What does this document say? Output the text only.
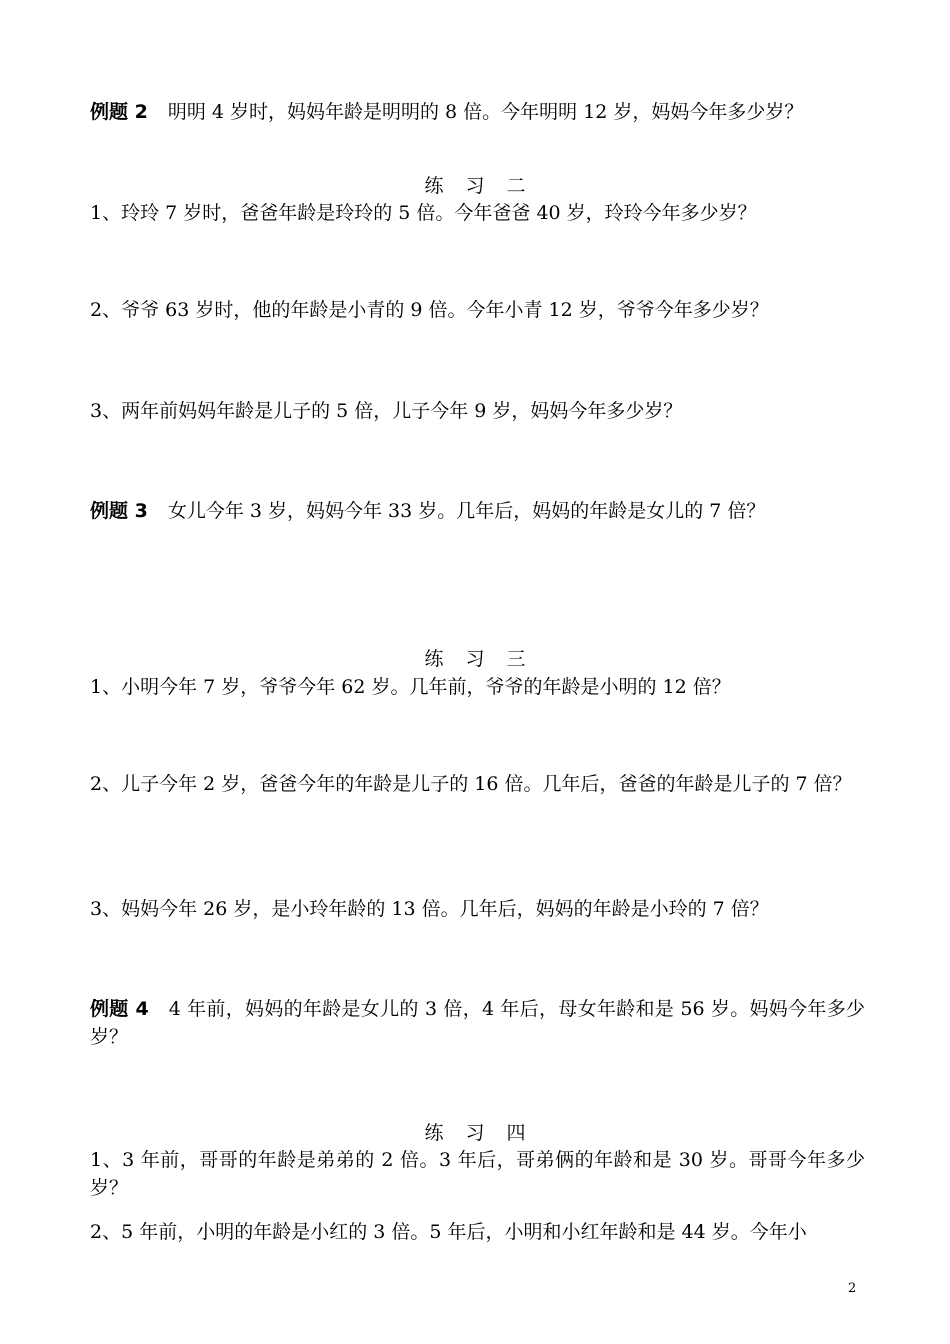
例题 2 明明 4 岁时，妈妈年龄是明明的 8 倍。今年明明 12 岁，妈妈今年多少岁？
练习二
1、玲玲 7 岁时，爸爸年龄是玲玲的 5 倍。今年爸爸 40 岁，玲玲今年多少岁？
2、爷爷 63 岁时，他的年龄是小青的 9 倍。今年小青 12 岁，爷爷今年多少岁？
3、两年前妈妈年龄是儿子的 5 倍，儿子今年 9 岁，妈妈今年多少岁？
例题 3 女儿今年 3 岁，妈妈今年 33 岁。几年后，妈妈的年龄是女儿的 7 倍？
练习三
1、小明今年 7 岁，爷爷今年 62 岁。几年前，爷爷的年龄是小明的 12 倍？
2、儿子今年 2 岁，爸爸今年的年龄是儿子的 16 倍。几年后，爸爸的年龄是儿子的 7 倍？
3、妈妈今年 26 岁，是小玲年龄的 13 倍。几年后，妈妈的年龄是小玲的 7 倍？
例题 4 4 年前，妈妈的年龄是女儿的 3 倍，4 年后，母女年龄和是 56 岁。妈妈今年多少岁？
练习四
1、3 年前，哥哥的年龄是弟弟的 2 倍。3 年后，哥弟俩的年龄和是 30 岁。哥哥今年多少岁？
2、5 年前，小明的年龄是小红的 3 倍。5 年后，小明和小红年龄和是 44 岁。今年小
2
